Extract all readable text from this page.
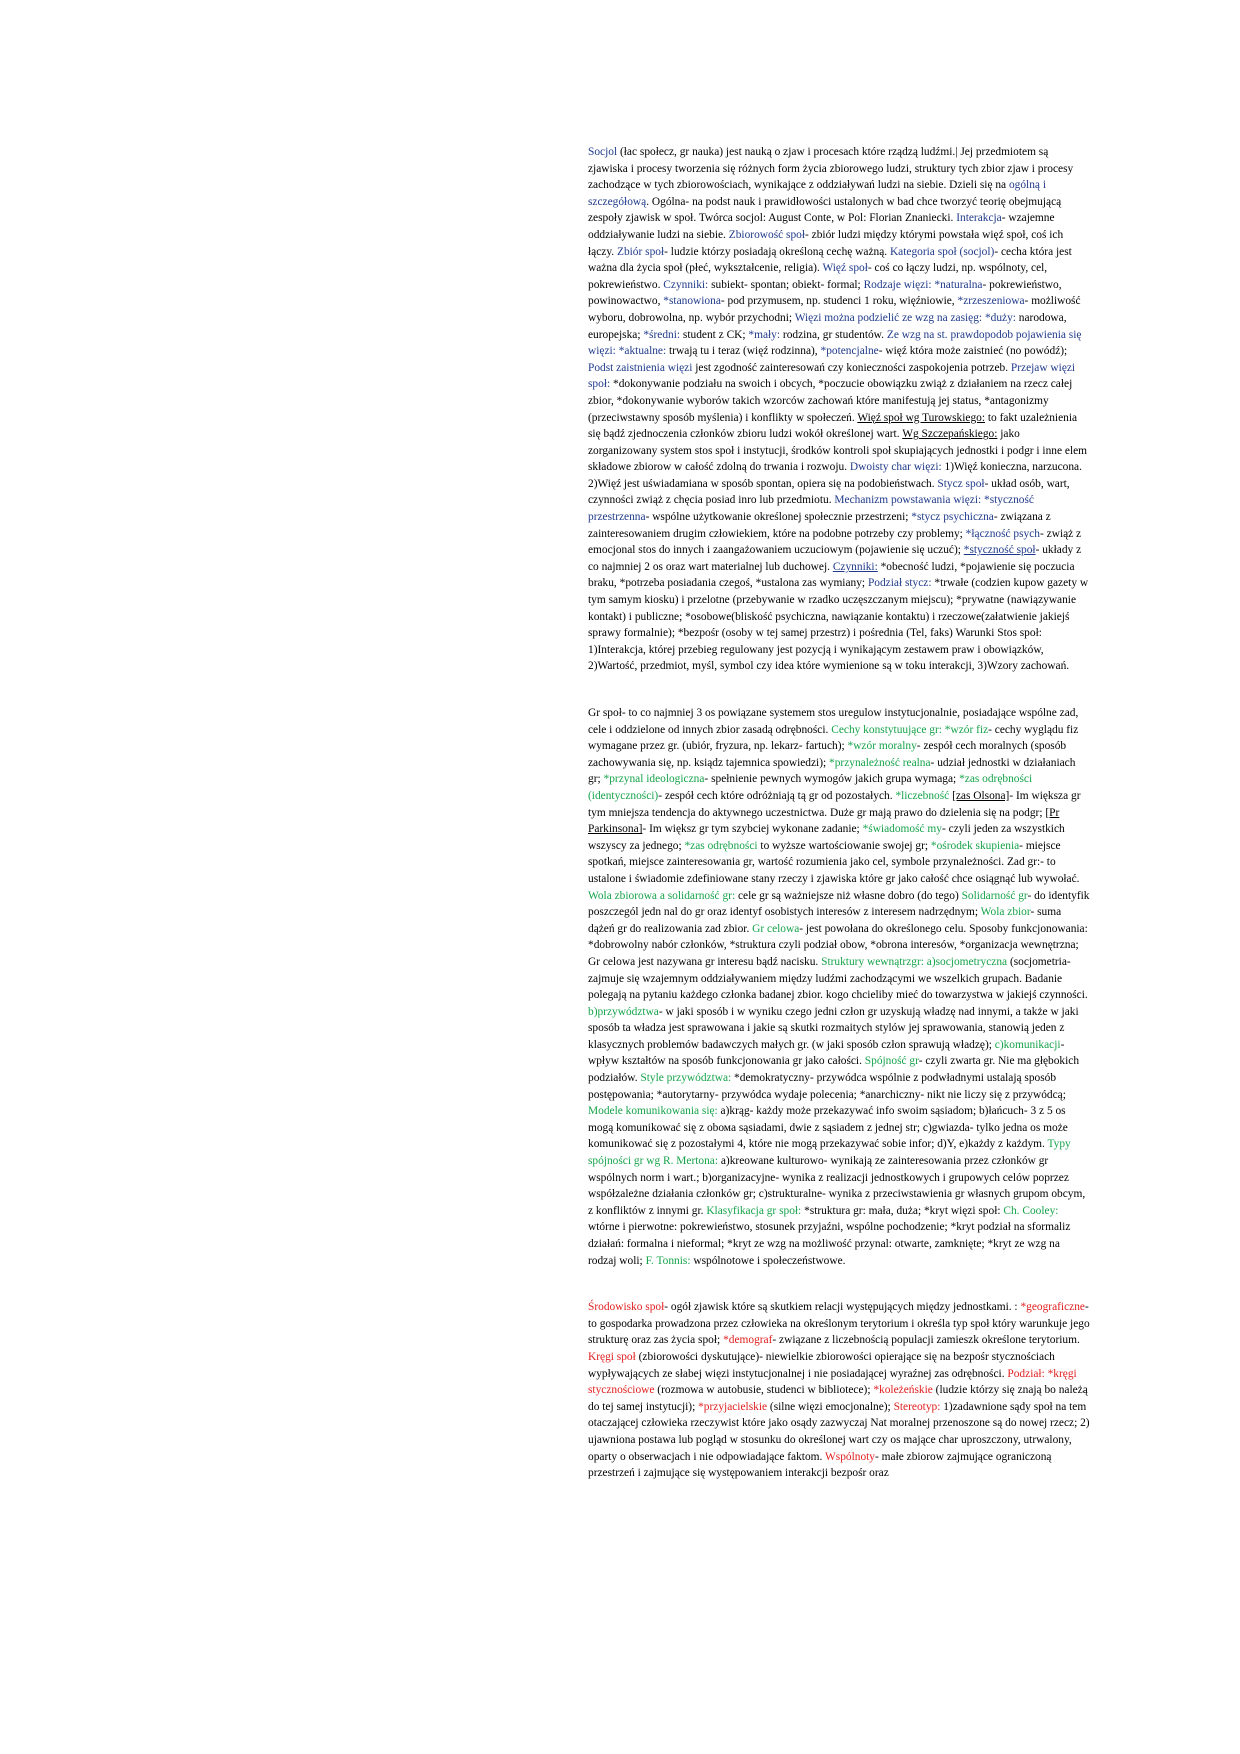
Socjol (łac społecz, gr nauka) jest nauką o zjaw i procesach które rządzą ludźmi.| Jej przedmiotem są zjawiska i procesy tworzenia się różnych form życia zbiorowego ludzi, struktury tych zbior zjaw i procesy zachodzące w tych zbiorowościach, wynikające z oddziaływań ludzi na siebie. Dzieli się na ogólną i szczegółową. Ogólna- na podst nauk i prawidłowości ustalonych w bad chce tworzyć teorię obejmującą zespoły zjawisk w społ. Twórca socjol: August Conte, w Pol: Florian Znaniecki. Interakcja- wzajemne oddziaływanie ludzi na siebie. Zbiorowość społ- zbiór ludzi między którymi powstała więź społ, coś ich łączy. Zbiór społ- ludzie którzy posiadają określoną cechę ważną. Kategoria społ (socjol)- cecha która jest ważna dla życia społ (płeć, wykształcenie, religia). Więź społ- coś co łączy ludzi, np. wspólnoty, cel, pokrewieństwo. Czynniki: subiekt- spontan; obiekt- formal; Rodzaje więzi: *naturalna- pokrewieństwo, powinowactwo, *stanowiona- pod przymusem, np. studenci 1 roku, więźniowie, *zrzeszeniowa- możliwość wyboru, dobrowolna, np. wybór przychodni; Więzi można podzielić ze wzg na zasięg: *duży: narodowa, europejska; *średni: student z CK; *mały: rodzina, gr studentów. Ze wzg na st. prawdopodob pojawienia się więzi: *aktualne: trwają tu i teraz (więź rodzinna), *potencjalne- więź która może zaistnieć (no powódź); Podst zaistnienia więzi jest zgodność zainteresowań czy konieczności zaspokojenia potrzeb. Przejaw więzi społ: *dokonywanie podziału na swoich i obcych, *poczucie obowiązku zwiąż z działaniem na rzecz całej zbior, *dokonywanie wyborów takich wzorców zachowań które manifestują jej status, *antagonizmy (przeciwstawny sposób myślenia) i konflikty w społeczeń. Więź społ wg Turowskiego: to fakt uzależnienia się bądź zjednoczenia członków zbioru ludzi wokół określonej wart. Wg Szczepańskiego: jako zorganizowany system stos społ i instytucji, środków kontroli społ skupiających jednostki i podgr i inne elem składowe zbiorow w całość zdolną do trwania i rozwoju. Dwoisty char więzi: 1)Więź konieczna, narzucona. 2)Więź jest uświadamiana w sposób spontan, opiera się na podobieństwach. Stycz społ- układ osób, wart, czynności zwiąż z chęcia posiad inro lub przedmiotu. Mechanizm powstawania więzi: *styczność przestrzenna- wspólne użytkowanie określonej społecznie przestrzeni; *stycz psychiczna- związana z zainteresowaniem drugim człowiekiem, które na podobne potrzeby czy problemy; *łączność psych- zwiąż z emocjonal stos do innych i zaangażowaniem uczuciowym (pojawienie się uczuć); *styczność społ- układy z co najmniej 2 os oraz wart materialnej lub duchowej. Czynniki: *obecność ludzi, *pojawienie się poczucia braku, *potrzeba posiadania czegoś, *ustalona zas wymiany; Podział stycz: *trwałe (codzien kupow gazety w tym samym kiosku) i przelotne (przebywanie w rzadko uczęszczanym miejscu); *prywatne (nawiązywanie kontakt) i publiczne; *osobowe(bliskość psychiczna, nawiązanie kontaktu) i rzeczowe(załatwienie jakiejś sprawy formalnie); *bezpośr (osoby w tej samej przestrz) i pośrednia (Tel, faks) Warunki Stos społ: 1)Interakcja, której przebieg regulowany jest pozycją i wynikającym zestawem praw i obowiązków, 2)Wartość, przedmiot, myśl, symbol czy idea które wymienione są w toku interakcji, 3)Wzory zachowań.

Gr społ- to co najmniej 3 os powiązane systemem stos uregulow instytucjonalnie, posiadające wspólne zad, cele i oddzielone od innych zbior zasadą odrębności. Cechy konstytuujące gr: *wzór fiz- cechy wyglądu fiz wymagane przez gr. (ubiór, fryzura, np. lekarz- fartuch); *wzór moralny- zespół cech moralnych (sposób zachowywania się, np. ksiądz tajemnica spowiedzi); *przynależność realna- udział jednostki w działaniach gr; *przynal ideologiczna- spełnienie pewnych wymogów jakich grupa wymaga; *zas odrębności (identyczności)- zespół cech które odróżniają tą gr od pozostałych. *liczebność [zas Olsona]- Im większa gr tym mniejsza tendencja do aktywnego uczestnictwa. Duże gr mają prawo do dzielenia się na podgr; [Pr Parkinsona]- Im większ gr tym szybciej wykonane zadanie; *świadomość my- czyli jeden za wszystkich wszyscy za jednego; *zas odrębności to wyższe wartościowanie swojej gr; *ośrodek skupienia- miejsce spotkań, miejsce zainteresowania gr, wartość rozumienia jako cel, symbole przynależności. Zad gr:- to ustalone i świadomie zdefiniowane stany rzeczy i zjawiska które gr jako całość chce osiągnąć lub wywołać. Wola zbiorowa a solidarność gr: cele gr są ważniejsze niż własne dobro (do tego) Solidarność gr- do identyfik poszczegól jedn nal do gr oraz identyf osobistych interesów z interesem nadrzędnym; Wola zbior- suma dążeń gr do realizowania zad zbior. Gr celowa- jest powołana do określonego celu. Sposoby funkcjonowania: *dobrowolny nabór członków, *struktura czyli podział obow, *obrona interesów, *organizacja wewnętrzna; Gr celowa jest nazywana gr interesu bądź nacisku. Struktury wewnątrzgr: a)socjometryczna (socjometria- zajmuje się wzajemnym oddziaływaniem między ludźmi zachodzącymi we wszelkich grupach. Badanie polegają na pytaniu każdego członka badanej zbior. kogo chcieliby mieć do towarzystwa w jakiejś czynności. b)przywództwa- w jaki sposób i w wyniku czego jedni człon gr uzyskują władzę nad innymi, a także w jaki sposób ta władza jest sprawowana i jakie są skutki rozmaitych stylów jej sprawowania, stanowią jeden z klasycznych problemów badawczych małych gr. (w jaki sposób człon sprawują władzę); c)komunikacji- wpływ kształtów na sposób funkcjonowania gr jako całości. Spójność gr- czyli zwarta gr. Nie ma głębokich podziałów. Style przywództwa: *demokratyczny- przywódca wspólnie z podwładnymi ustalają sposób postępowania; *autorytarny- przywódca wydaje polecenia; *anarchiczny- nikt nie liczy się z przywódcą; Modele komunikowania się: a)krąg- każdy może przekazywać info swoim sąsiadom; b)łańcuch- 3 z 5 os mogą komunikować się z obома sąsiadami, dwie z sąsiadem z jednej str; c)gwiazda- tylko jedna os może komunikować się z pozostałymi 4, które nie mogą przekazywać sobie infor; d)Y, e)każdy z każdym. Typy spójności gr wg R. Mertona: a)kreowane kulturowo- wynikają ze zainteresowania przez członków gr wspólnych norm i wart.; b)organizacyjne- wynika z realizacji jednostkowych i grupowych celów poprzez współzależne działania członków gr; c)strukturalne- wynika z przeciwstawienia gr własnych grupom obcym, z konfliktów z innymi gr. Klasyfikacja gr społ: *struktura gr: mała, duża; *kryt więzi społ: Ch. Cooley: wtórne i pierwotne: pokrewieństwo, stosunek przyjaźni, wspólne pochodzenie; *kryt podział na sformaliz działań: formalna i nieformal; *kryt ze wzg na możliwość przynal: otwarte, zamknięte; *kryt ze wzg na rodzaj woli; F. Tonnis: wspólnotowe i społeczeństwowe.

Środowisko społ- ogół zjawisk które są skutkiem relacji występujących między jednostkami. : *geograficzne- to gospodarka prowadzona przez człowieka na określonym terytorium i określa typ społ który warunkuje jego strukturę oraz zas życia społ; *demograf- związane z liczebnością populacji zamieszk określone terytorium. Kręgi społ (zbiorowości dyskutujące)- niewielkie zbiorowości opierające się na bezpośr stycznościach wypływających ze słabej więzi instytucjonalnej i nie posiadającej wyraźnej zas odrębności. Podział: *kręgi stycznościowe (rozmowa w autobusie, studenci w bibliotece); *koleżeńskie (ludzie którzy się znają bo należą do tej samej instytucji); *przyjacielskie (silne więzi emocjonalne); Stereotyp: 1)zadawnione sądy społ na tem otaczającej człowieka rzeczywist które jako osądy zazwyczaj Nat moralnej przenoszone są do nowej rzecz; 2) ujawniona postawa lub pogląd w stosunku do określonej wart czy os mające char uproszczony, utrwalony, oparty o obserwacjach i nie odpowiadające faktom. Wspólnoty- małe zbiorow zajmujące ograniczoną przestrzeń i zajmujące się występowaniem interakcji bezpośr oraz
